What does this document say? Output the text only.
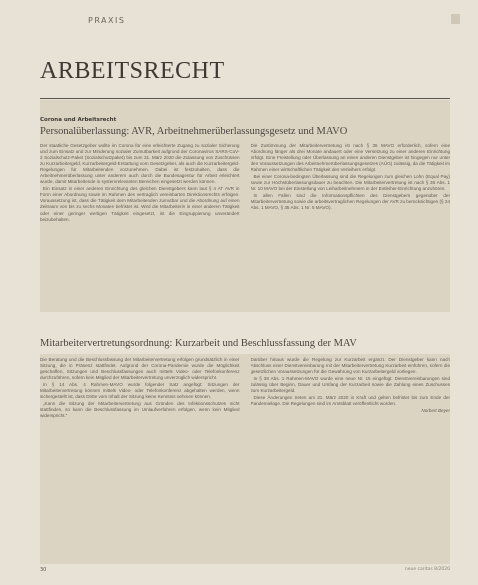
PRAXIS
ARBEITSRECHT
Corona und Arbeitsrecht
Personalüberlassung: AVR, Arbeitnehmerüberlassungsgesetz und MAVO

Der staatliche Gesetzgeber wollte im Corona für eine erleichterte Zugang zu sozialer Sicherung und zum Einsatz und zur Minderung sozialer Zumutbarkeit aufgrund der Coronavirus SARS-CoV-2 Sozialschutz-Paket (Sozialschutzpaket) bis zum 31. März 2020 die Zulassung von Zuschüssen zu Kurzarbeitergeld, Kurzarbeitergeld-Erstattung vom Gesetzgeber, als auch die Kurzarbeitergeld-Regelungen für Mitarbeitenden vorzunehmen. Dabei ist festzuhalten, dass die Arbeitnehmerüberlassung unter anderem auch durch die Bundesagentur für Arbeit erleichtert wurde, damit Mitarbeitende in systemrelevanten Bereichen eingesetzt werden können.

Ein Einsatz in einer anderen Einrichtung des gleichen Dienstgebers kann laut § 4 AT AVR in Form einer Abordnung sowie im Rahmen des vertraglich vereinbarten Direktionsrechts erfolgen. Voraussetzung ist, dass die Tätigkeit dem Mitarbeitenden zumutbar und die Abordnung auf einen Zeitraum von bis zu sechs Monaten befristet ist. Wird die Mitarbeiterin in einer anderen Tätigkeit oder einer geringer wertigen Tätigkeit eingesetzt, ist die Eingruppierung unverändert beizubehalten.

Die Zustimmung der Mitarbeitervertretung ist nach § 35 MAVO erforderlich, sofern eine Abordnung länger als drei Monate andauert oder eine Versetzung zu einer anderen Einrichtung erfolgt. Eine Freistellung oder Überlassung an einen anderen Dienstgeber ist hingegen nur unter den Voraussetzungen des Arbeitnehmerüberlassungsgesetzes (AÜG) zulässig, da die Tätigkeit im Rahmen einer wirtschaftlichen Tätigkeit des Verleihers erfolgt.

Bei einer Corona-bedingten Überlassung sind die Regelungen zum gleichen Lohn (Equal Pay) sowie zur Höchstüberlassungsdauer zu beachten. Die Mitarbeitervertretung ist nach § 36 Abs. 1 Nr. 10 MAVO bei der Einstellung von Leiharbeitnehmern in der Entleiher-Einrichtung anzuhören.

In allen Fällen sind die Informationspflichten des Dienstgebers gegenüber der Mitarbeitervertretung sowie die arbeitsvertraglichen Regelungen der AVR zu berücksichtigen (§ 34 Abs. 1 MAVO, § 35 Abs. 1 Nr. 5 MAVO).

Mitarbeitervertretungsordnung: Kurzarbeit und Beschlussfassung der MAV

Die Beratung und die Beschlussfassung der Mitarbeitervertretung erfolgen grundsätzlich in einer Sitzung, die in Präsenz stattfindet. Aufgrund der Corona-Pandemie wurde die Möglichkeit geschaffen, Sitzungen und Beschlussfassungen auch mittels Video- oder Telefonkonferenz durchzuführen, sofern kein Mitglied der Mitarbeitervertretung unverzüglich widerspricht.

In § 14 Abs. 4 Rahmen-MAVO wurde folgender Satz angefügt: Sitzungen der Mitarbeitervertretung können mittels Video- oder Telefonkonferenz abgehalten werden, wenn sichergestellt ist, dass Dritte vom Inhalt der Sitzung keine Kenntnis nehmen können.

„Kann die Sitzung der Mitarbeitervertretung aus Gründen des Infektionsschutzes nicht stattfinden, so kann die Beschlussfassung im Umlaufverfahren erfolgen, wenn kein Mitglied widerspricht.“

Darüber hinaus wurde die Regelung zur Kurzarbeit ergänzt. Der Dienstgeber kann nach Abschluss einer Dienstvereinbarung mit der Mitarbeitervertretung Kurzarbeit einführen, sofern die gesetzlichen Voraussetzungen für die Gewährung von Kurzarbeitergeld vorliegen.

In § 38 Abs. 1 Rahmen-MAVO wurde eine neue Nr. 15 eingefügt: Dienstvereinbarungen sind zulässig über Beginn, Dauer und Umfang der Kurzarbeit sowie die Zahlung eines Zuschusses zum Kurzarbeitergeld.

Diese Änderungen treten am 31. März 2020 in Kraft und gelten befristet bis zum Ende der Pandemielage. Die Regelungen sind im Amtsblatt veröffentlicht worden.

Norbert Beyer

30	neue caritas 8/2020
